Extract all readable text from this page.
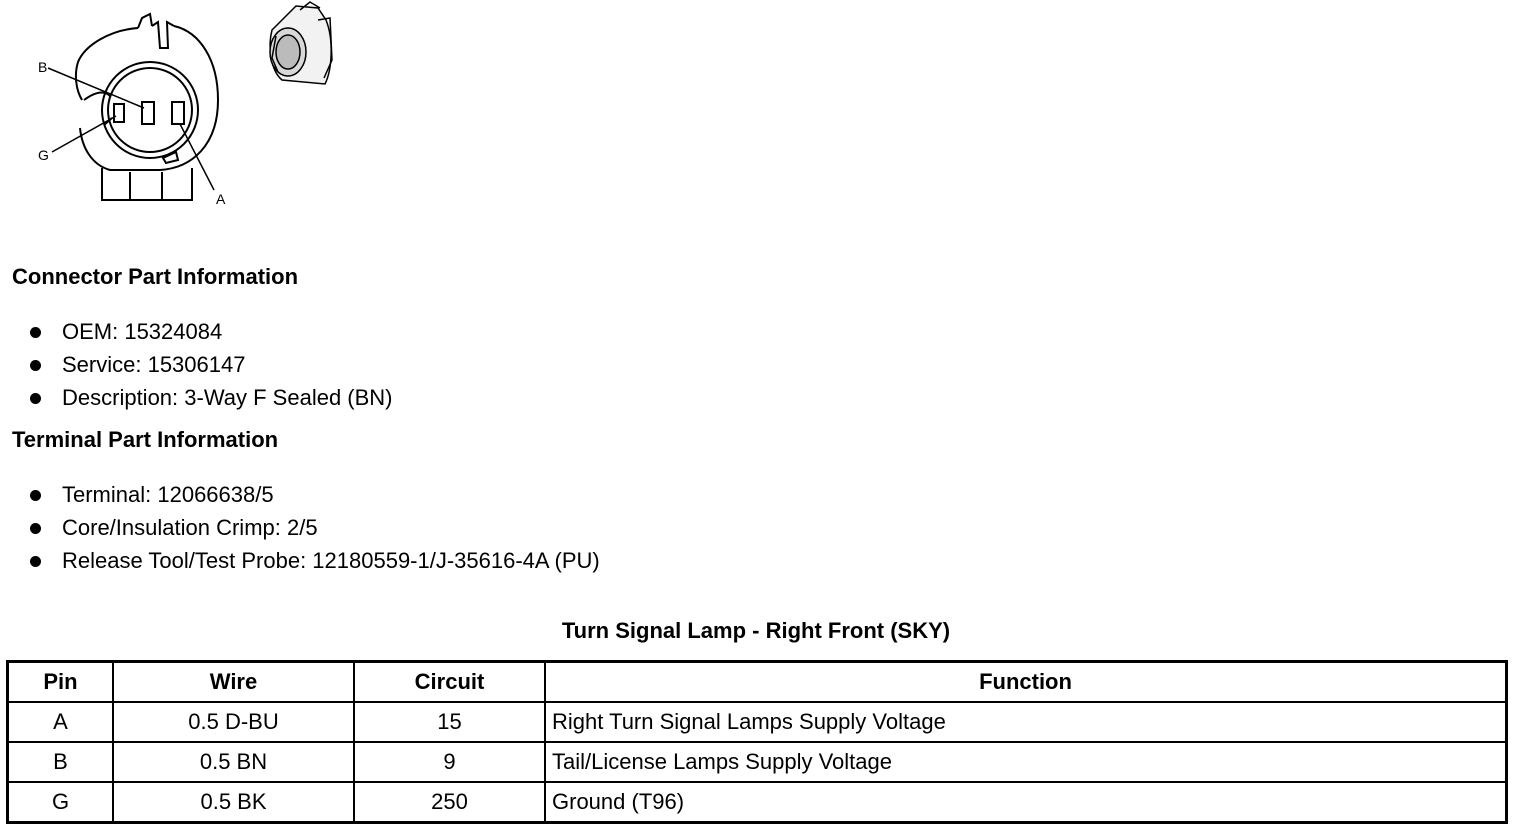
B
G
A
Connector Part Information
OEM: 15324084
Service: 15306147
Description: 3-Way F Sealed (BN)
Terminal Part Information
Terminal: 12066638/5
Core/Insulation Crimp: 2/5
Release Tool/Test Probe: 12180559-1/J-35616-4A (PU)
Turn Signal Lamp - Right Front (SKY)
Pin	Wire	Circuit	Function
A	0.5 D-BU	15	Right Turn Signal Lamps Supply Voltage
B	0.5 BN	9	Tail/License Lamps Supply Voltage
G	0.5 BK	250	Ground (T96)
